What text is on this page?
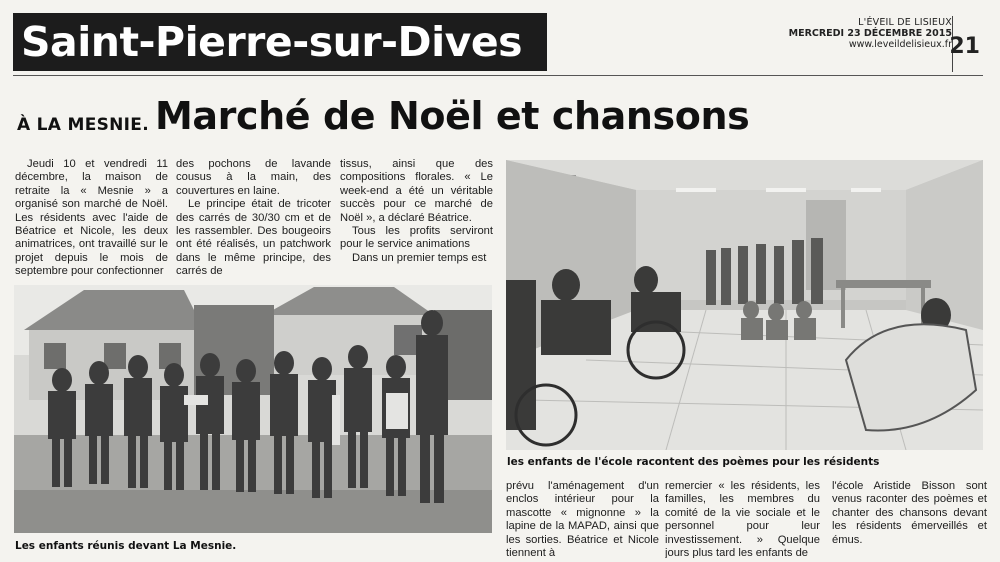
Saint-Pierre-sur-Dives	L'ÉVEIL DE LISIEUX
MERCREDI 23 DÉCEMBRE 2015
www.leveildelisieux.fr
21
À LA MESNIE. Marché de Noël et chansons

Jeudi 10 et vendredi 11 décembre, la maison de retraite la « Mesnie » a organisé son marché de Noël. Les résidents avec l'aide de Béatrice et Nicole, les deux animatrices, ont travaillé sur le projet depuis le mois de septembre pour confectionner

des pochons de lavande cousus à la main, des couvertures en laine.

Le principe était de tricoter des carrés de 30/30 cm et de les rassembler. Des bougeoirs ont été réalisés, un patchwork dans le même principe, des carrés de

tissus, ainsi que des compositions florales. « Le week-end a été un véritable succès pour ce marché de Noël », a déclaré Béatrice.

Tous les profits serviront pour le service animations

Dans un premier temps est

Les enfants réunis devant La Mesnie.
les enfants de l'école racontent des poèmes pour les résidents

prévu l'aménagement d'un enclos intérieur pour la mascotte « mignonne » la lapine de la MAPAD, ainsi que les sorties. Béatrice et Nicole tiennent à

remercier « les résidents, les familles, les membres du comité de la vie sociale et le personnel pour leur investissement. » Quelque jours plus tard les enfants de

l'école Aristide Bisson sont venus raconter des poèmes et chanter des chansons devant les résidents émerveillés et émus.
